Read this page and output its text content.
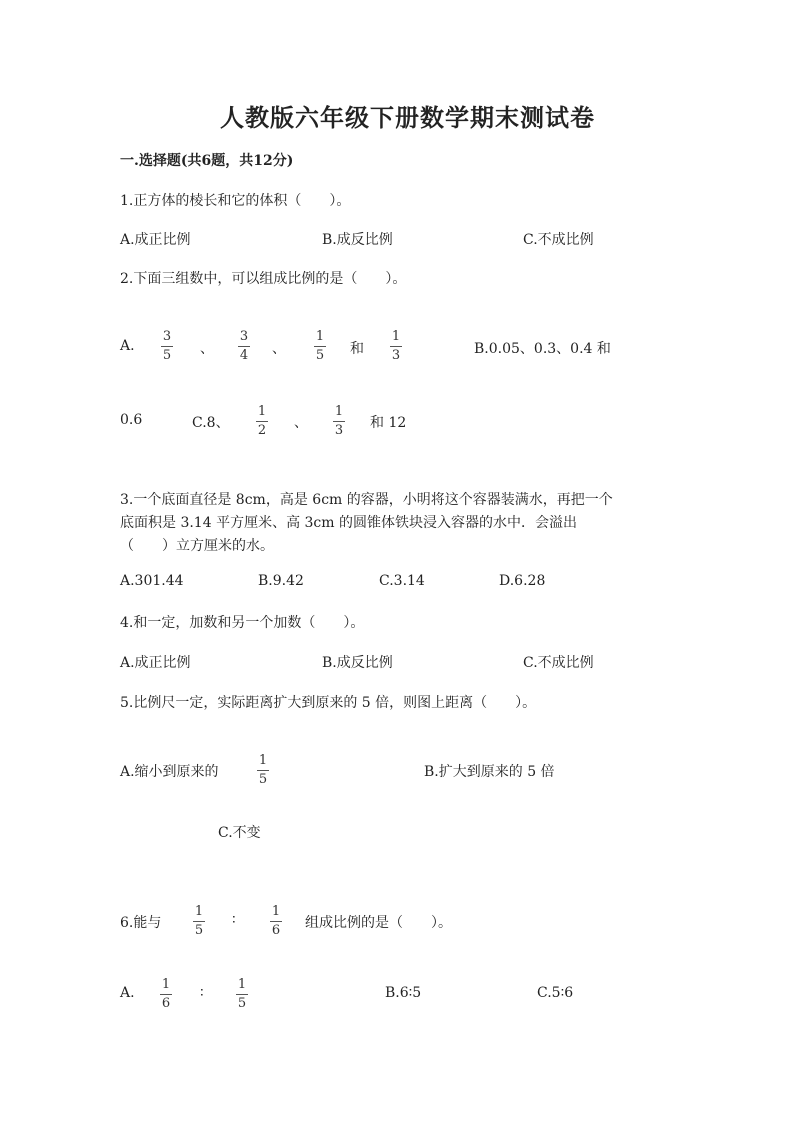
人教版六年级下册数学期末测试卷
一.选择题(共6题，共12分)
1.正方体的棱长和它的体积（　　）。
A.成正比例	B.成反比例	C.不成比例
2.下面三组数中，可以组成比例的是（　　）。
A.
3
5 、
3
4 、
1
5 和
1
3	B.0.05、0.3、0.4 和
0.6	C.8、
1
2 、
1
3 和 12
3.一个底面直径是 8cm，高是 6cm 的容器，小明将这个容器装满水，再把一个
底面积是 3.14 平方厘米、高 3cm 的圆锥体铁块浸入容器的水中．会溢出
（　　）立方厘米的水。
A.301.44	B.9.42	C.3.14	D.6.28
4.和一定，加数和另一个加数（　　）。
A.成正比例	B.成反比例	C.不成比例
5.比例尺一定，实际距离扩大到原来的 5 倍，则图上距离（　　）。
A.缩小到原来的
1
5	B.扩大到原来的 5 倍
C.不变
6.能与
1
5
∶
1
6 组成比例的是（　　）。
A.
1
6
∶
1
5
B.6∶5	C.5∶6
